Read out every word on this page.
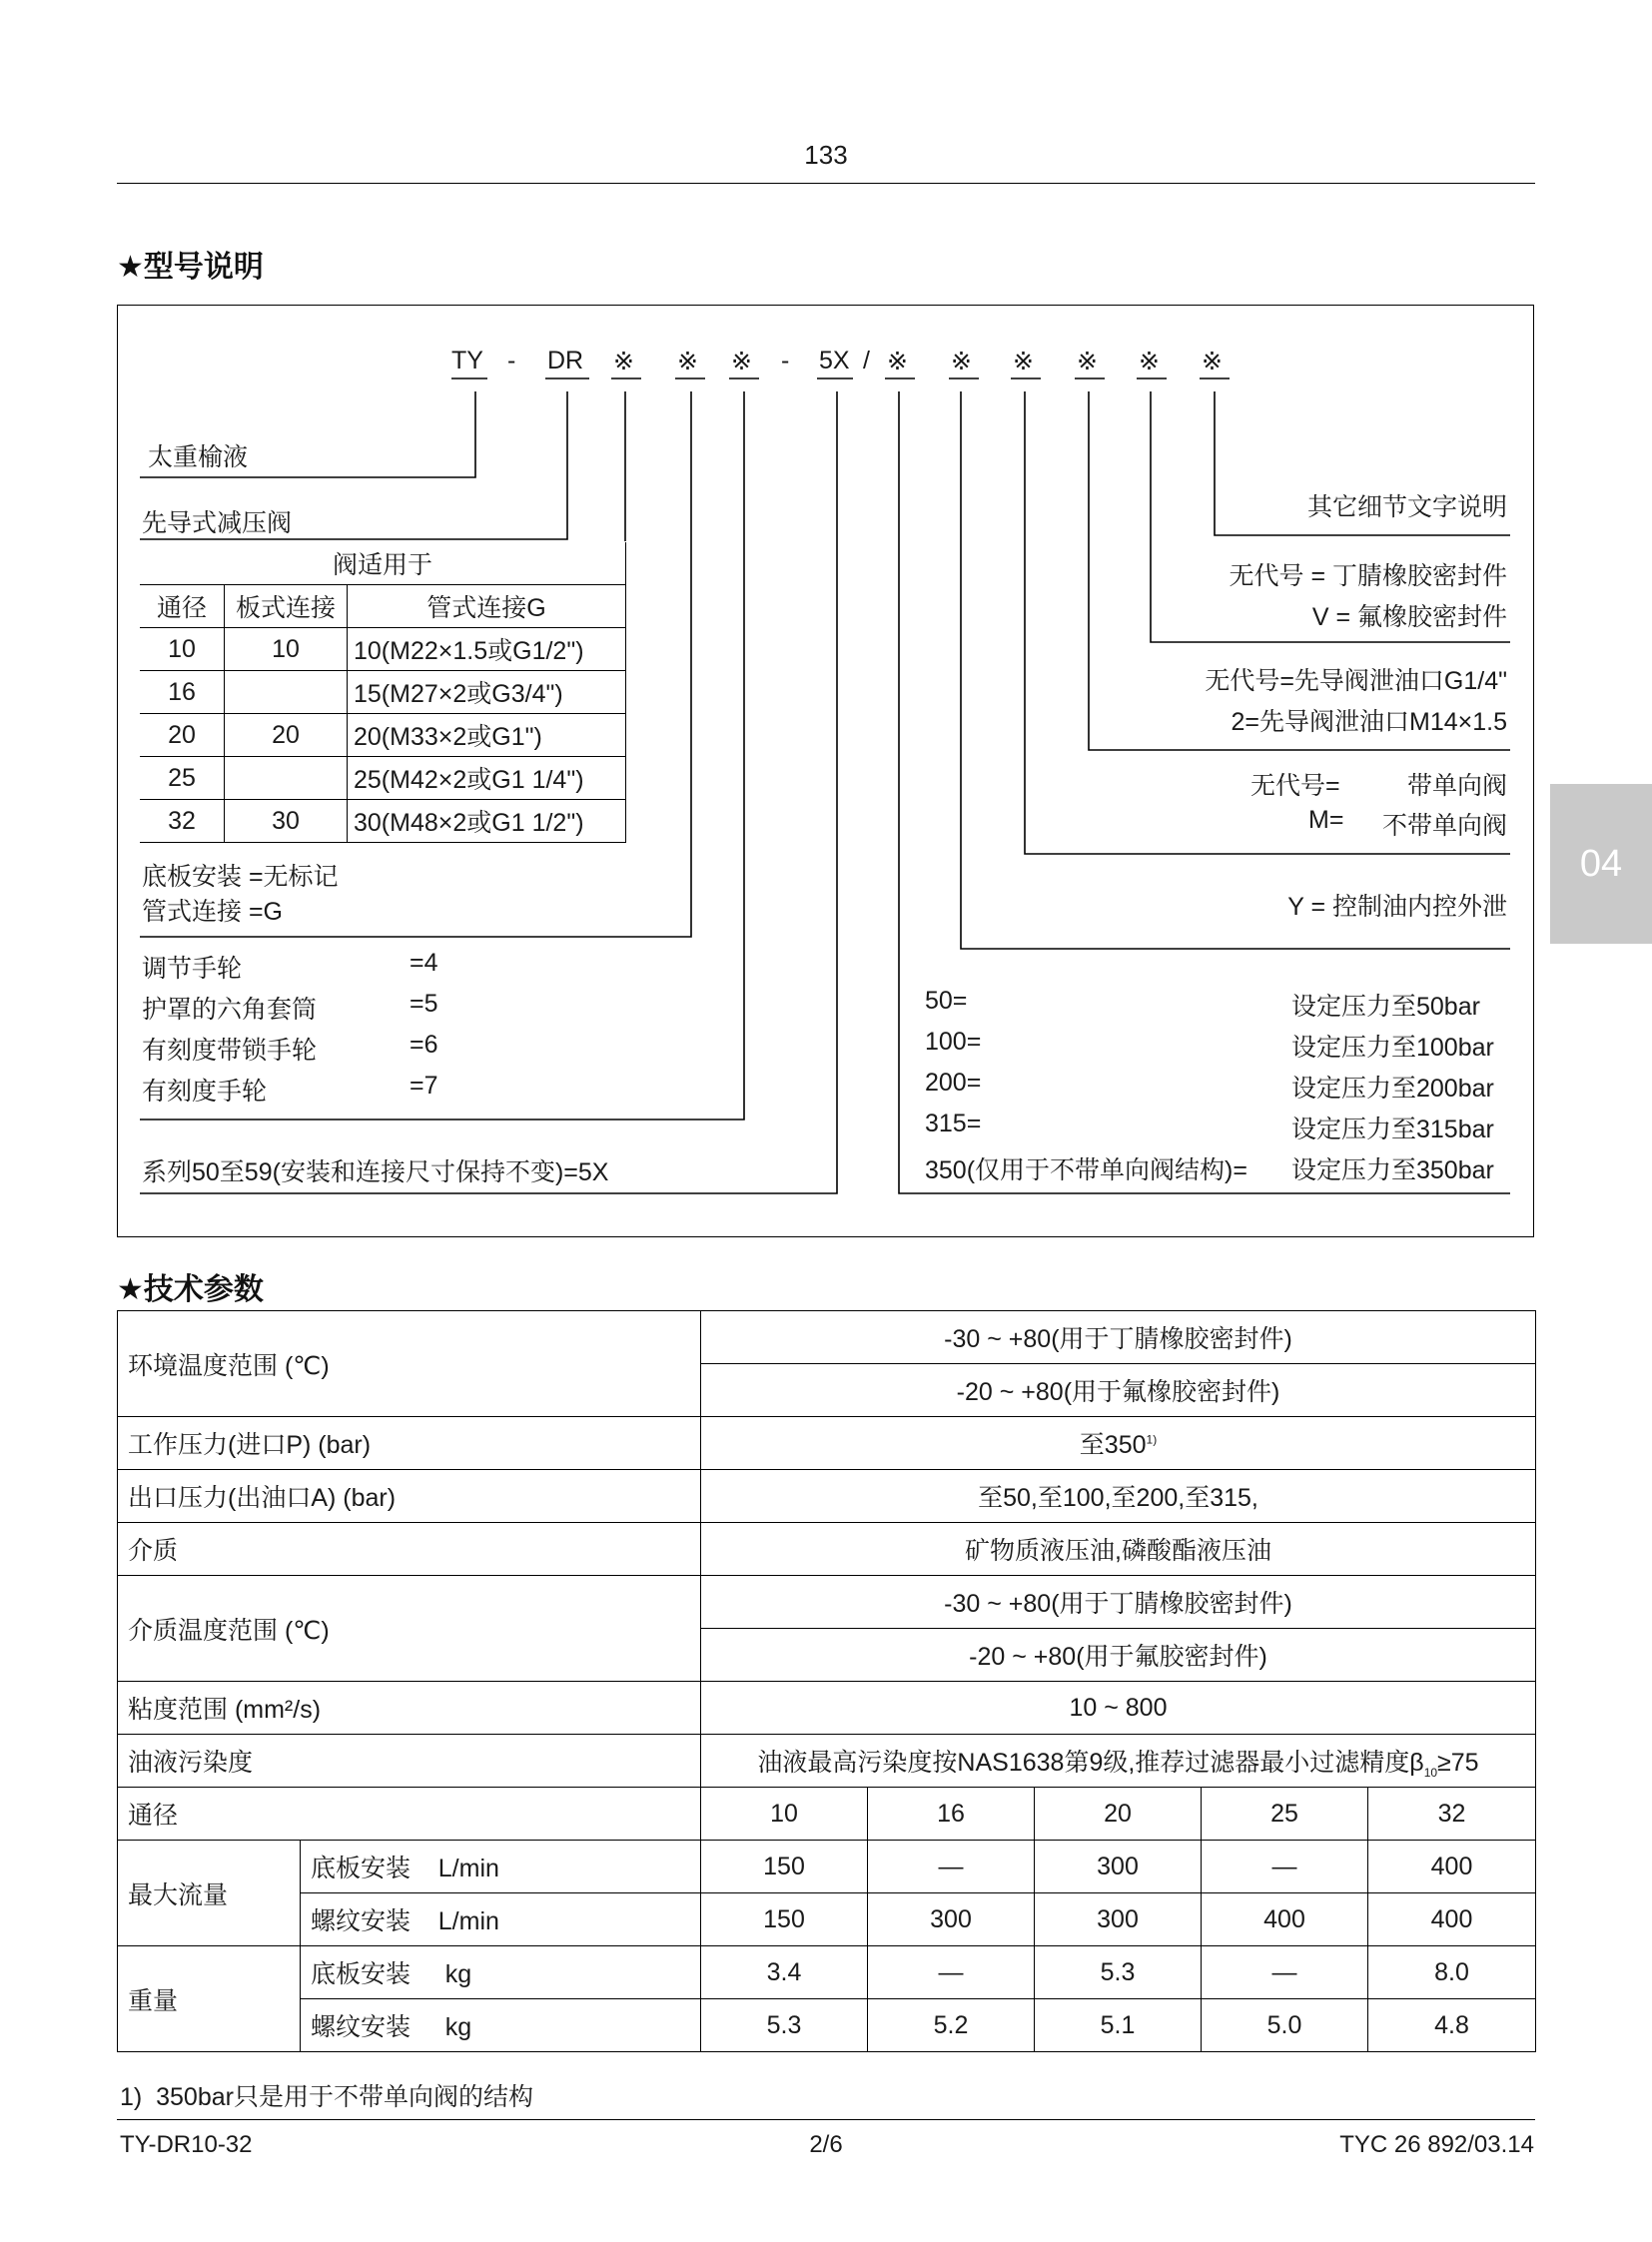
133
04
★型号说明
TY - DR ※ ※ ※ - 5X / ※ ※ ※ ※ ※ ※
太重榆液
先导式减压阀
阀适用于		
通径	板式连接	管式连接G
10	10	10(M22×1.5或G1/2")
16		15(M27×2或G3/4")
20	20	20(M33×2或G1")
25		25(M42×2或G1 1/4")
32	30	30(M48×2或G1 1/2")
底板安装 =无标记
管式连接 =G
调节手轮	=4
护罩的六角套筒	=5
有刻度带锁手轮	=6
有刻度手轮	=7
系列50至59(安装和连接尺寸保持不变)=5X
其它细节文字说明
无代号 = 丁腈橡胶密封件
V = 氟橡胶密封件
无代号=先导阀泄油口G1/4"
2=先导阀泄油口M14×1.5
无代号=	带单向阀
M= 不带单向阀
Y = 控制油内控外泄
50=	设定压力至50bar
100=	设定压力至100bar
200=	设定压力至200bar
315=	设定压力至315bar
350(仅用于不带单向阀结构)= 设定压力至350bar
★技术参数
环境温度范围 (℃)		-30 ~ +80(用于丁腈橡胶密封件)				
		-20 ~ +80(用于氟橡胶密封件)				
工作压力(进口P) (bar)		至350$^{1)}$
出口压力(出油口A) (bar)		至50,至100,至200,至315,				
介质		矿物质液压油,磷酸酯液压油				
介质温度范围 (℃)		-30 ~ +80(用于丁腈橡胶密封件)				
		-20 ~ +80(用于氟胶密封件)				
粘度范围 (mm²/s)		10 ~ 800				
油液污染度		油液最高污染度按NAS1638第9级,推荐过滤器最小过滤精度$\beta_{10}\ge 75$				
通径		10	16	20	25	32
最大流量	底板安装    L/min	150	—	300	—	400
	螺纹安装    L/min	150	300	300	400	400
重量	底板安装     kg	3.4	—	5.3	—	8.0
	螺纹安装     kg	5.3	5.2	5.1	5.0	4.8
1)  350bar只是用于不带单向阀的结构
TY-DR10-32	2/6	TYC 26 892/03.14
